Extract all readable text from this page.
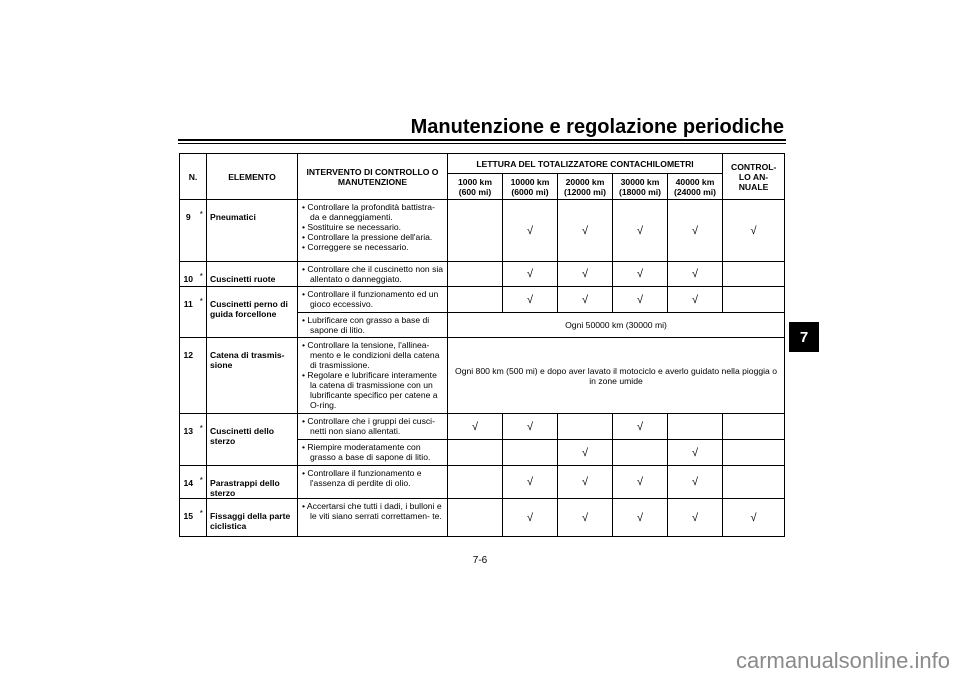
Manutenzione e regolazione periodiche
N.		ELEMENTO	INTERVENTO DI CONTROLLO O MANUTENZIONE	LETTURA DEL TOTALIZZATORE CONTACHILOMETRI					CONTROL- LO AN- NUALE
				1000 km (600 mi)	10000 km (6000 mi)	20000 km (12000 mi)	30000 km (18000 mi)	40000 km (24000 mi)	
9	*	Pneumatici	• Controllare la profondità battistra- da e danneggiamenti.
• Sostituire se necessario.
• Controllare la pressione dell'aria.
• Correggere se necessario.		√	√	√	√	√
10	*	Cuscinetti ruote	• Controllare che il cuscinetto non sia allentato o danneggiato.		√	√	√	√	
11	*	Cuscinetti perno di guida forcellone	• Controllare il funzionamento ed un gioco eccessivo.		√	√	√	√	

			• Lubrificare con grasso a base di sapone di litio.	Ogni 50000 km (30000 mi)					
12		Catena di trasmis- sione	• Controllare la tensione, l'allinea- mento e le condizioni della catena di trasmissione.
• Regolare e lubrificare interamente la catena di trasmissione con un lubrificante specifico per catene a O-ring.	Ogni 800 km (500 mi) e dopo aver lavato il motociclo e averlo guidato nella pioggia o in zone umide					
13	*	Cuscinetti dello sterzo	• Controllare che i gruppi dei cusci- netti non siano allentati.	√	√		√		

			• Riempire moderatamente con grasso a base di sapone di litio.			√		√	
14	*	Parastrappi dello sterzo	• Controllare il funzionamento e l'assenza di perdite di olio.		√	√	√	√	
15	*	Fissaggi della parte ciclistica	• Accertarsi che tutti i dadi, i bulloni e le viti siano serrati correttamen- te.		√	√	√	√	√
7
7-6
carmanualsonline.info
